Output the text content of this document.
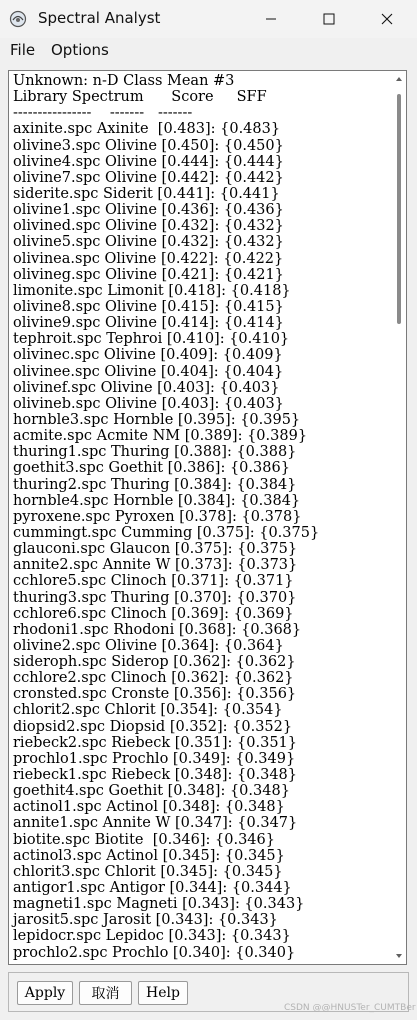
Spectral Analyst
File Options
Unknown: n-D Class Mean #3
Library Spectrum      Score     SFF
----------------    -------   -------
axinite.spc Axinite  [0.483]: {0.483}
olivine3.spc Olivine [0.450]: {0.450}
olivine4.spc Olivine [0.444]: {0.444}
olivine7.spc Olivine [0.442]: {0.442}
siderite.spc Siderit [0.441]: {0.441}
olivine1.spc Olivine [0.436]: {0.436}
olivined.spc Olivine [0.432]: {0.432}
olivine5.spc Olivine [0.432]: {0.432}
olivinea.spc Olivine [0.422]: {0.422}
olivineg.spc Olivine [0.421]: {0.421}
limonite.spc Limonit [0.418]: {0.418}
olivine8.spc Olivine [0.415]: {0.415}
olivine9.spc Olivine [0.414]: {0.414}
tephroit.spc Tephroi [0.410]: {0.410}
olivinec.spc Olivine [0.409]: {0.409}
olivinee.spc Olivine [0.404]: {0.404}
olivinef.spc Olivine [0.403]: {0.403}
olivineb.spc Olivine [0.403]: {0.403}
hornble3.spc Hornble [0.395]: {0.395}
acmite.spc Acmite NM [0.389]: {0.389}
thuring1.spc Thuring [0.388]: {0.388}
goethit3.spc Goethit [0.386]: {0.386}
thuring2.spc Thuring [0.384]: {0.384}
hornble4.spc Hornble [0.384]: {0.384}
pyroxene.spc Pyroxen [0.378]: {0.378}
cummingt.spc Cumming [0.375]: {0.375}
glauconi.spc Glaucon [0.375]: {0.375}
annite2.spc Annite W [0.373]: {0.373}
cchlore5.spc Clinoch [0.371]: {0.371}
thuring3.spc Thuring [0.370]: {0.370}
cchlore6.spc Clinoch [0.369]: {0.369}
rhodoni1.spc Rhodoni [0.368]: {0.368}
olivine2.spc Olivine [0.364]: {0.364}
sideroph.spc Siderop [0.362]: {0.362}
cchlore2.spc Clinoch [0.362]: {0.362}
cronsted.spc Cronste [0.356]: {0.356}
chlorit2.spc Chlorit [0.354]: {0.354}
diopsid2.spc Diopsid [0.352]: {0.352}
riebeck2.spc Riebeck [0.351]: {0.351}
prochlo1.spc Prochlo [0.349]: {0.349}
riebeck1.spc Riebeck [0.348]: {0.348}
goethit4.spc Goethit [0.348]: {0.348}
actinol1.spc Actinol [0.348]: {0.348}
annite1.spc Annite W [0.347]: {0.347}
biotite.spc Biotite  [0.346]: {0.346}
actinol3.spc Actinol [0.345]: {0.345}
chlorit3.spc Chlorit [0.345]: {0.345}
antigor1.spc Antigor [0.344]: {0.344}
magneti1.spc Magneti [0.343]: {0.343}
jarosit5.spc Jarosit [0.343]: {0.343}
lepidocr.spc Lepidoc [0.343]: {0.343}
prochlo2.spc Prochlo [0.340]: {0.340}
Apply	取消	Help
CSDN @@HNUSTer_CUMTBer
